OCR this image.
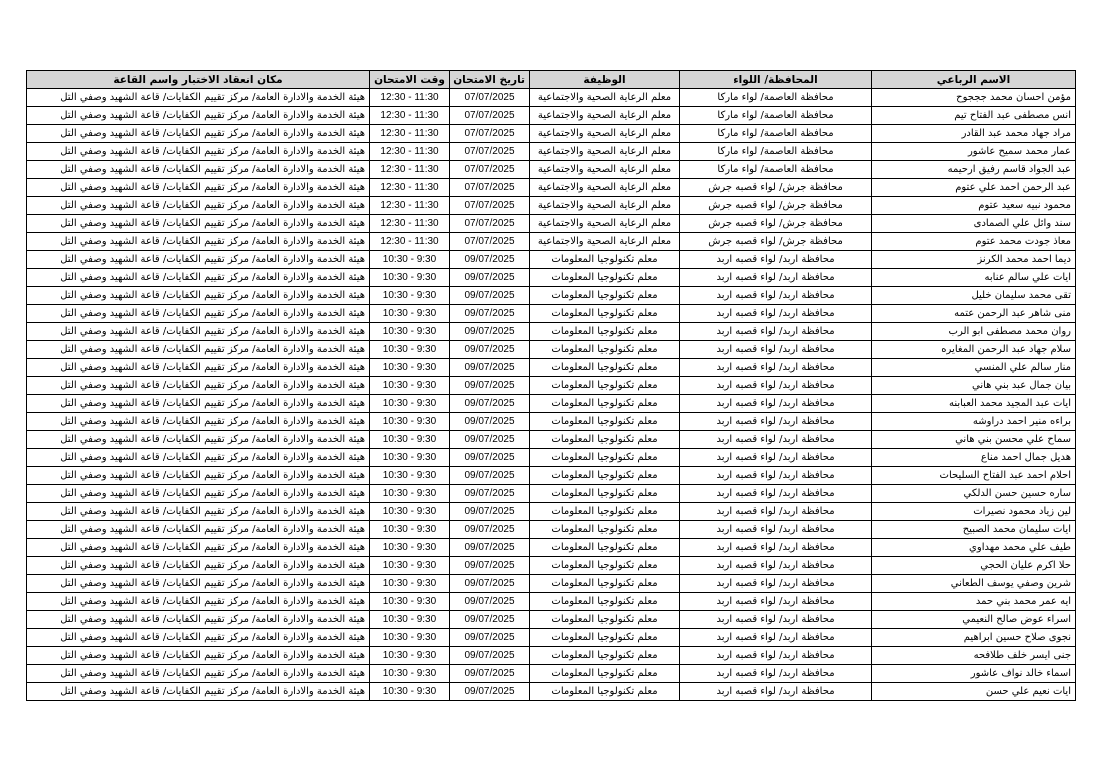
الاسم الرباعي	المحافظة/ اللواء	الوظيفة	تاريخ الامتحان	وقت الامتحان	مكان انعقاد الاختبار واسم القاعة
مؤمن احسان محمد جججوح	محافظة العاصمة/ لواء ماركا	معلم الرعاية الصحية والاجتماعية	07/07/2025	11:30 - 12:30	هيئة الخدمة والادارة العامة/ مركز تقييم الكفايات/ قاعة الشهيد وصفي التل
انس مصطفى عبد الفتاح تيم	محافظة العاصمة/ لواء ماركا	معلم الرعاية الصحية والاجتماعية	07/07/2025	11:30 - 12:30	هيئة الخدمة والادارة العامة/ مركز تقييم الكفايات/ قاعة الشهيد وصفي التل
مراد جهاد محمد عبد القادر	محافظة العاصمة/ لواء ماركا	معلم الرعاية الصحية والاجتماعية	07/07/2025	11:30 - 12:30	هيئة الخدمة والادارة العامة/ مركز تقييم الكفايات/ قاعة الشهيد وصفي التل
عمار محمد سميح عاشور	محافظة العاصمة/ لواء ماركا	معلم الرعاية الصحية والاجتماعية	07/07/2025	11:30 - 12:30	هيئة الخدمة والادارة العامة/ مركز تقييم الكفايات/ قاعة الشهيد وصفي التل
عبد الجواد قاسم رفيق ارحيمه	محافظة العاصمة/ لواء ماركا	معلم الرعاية الصحية والاجتماعية	07/07/2025	11:30 - 12:30	هيئة الخدمة والادارة العامة/ مركز تقييم الكفايات/ قاعة الشهيد وصفي التل
عبد الرحمن احمد علي عتوم	محافظة جرش/ لواء قصبه جرش	معلم الرعاية الصحية والاجتماعية	07/07/2025	11:30 - 12:30	هيئة الخدمة والادارة العامة/ مركز تقييم الكفايات/ قاعة الشهيد وصفي التل
محمود نبيه سعيد عتوم	محافظة جرش/ لواء قصبه جرش	معلم الرعاية الصحية والاجتماعية	07/07/2025	11:30 - 12:30	هيئة الخدمة والادارة العامة/ مركز تقييم الكفايات/ قاعة الشهيد وصفي التل
سند وائل علي الصمادى	محافظة جرش/ لواء قصبه جرش	معلم الرعاية الصحية والاجتماعية	07/07/2025	11:30 - 12:30	هيئة الخدمة والادارة العامة/ مركز تقييم الكفايات/ قاعة الشهيد وصفي التل
معاذ جودت محمد عتوم	محافظة جرش/ لواء قصبه جرش	معلم الرعاية الصحية والاجتماعية	07/07/2025	11:30 - 12:30	هيئة الخدمة والادارة العامة/ مركز تقييم الكفايات/ قاعة الشهيد وصفي التل
ديما احمد محمد الكرنز	محافظة اربد/ لواء قصبه اربد	معلم تكنولوجيا المعلومات	09/07/2025	9:30 - 10:30	هيئة الخدمة والادارة العامة/ مركز تقييم الكفايات/ قاعة الشهيد وصفي التل
ايات علي سالم عنابه	محافظة اربد/ لواء قصبه اربد	معلم تكنولوجيا المعلومات	09/07/2025	9:30 - 10:30	هيئة الخدمة والادارة العامة/ مركز تقييم الكفايات/ قاعة الشهيد وصفي التل
تقى محمد سليمان خليل	محافظة اربد/ لواء قصبه اربد	معلم تكنولوجيا المعلومات	09/07/2025	9:30 - 10:30	هيئة الخدمة والادارة العامة/ مركز تقييم الكفايات/ قاعة الشهيد وصفي التل
منى شاهر عبد الرحمن عتمه	محافظة اربد/ لواء قصبه اربد	معلم تكنولوجيا المعلومات	09/07/2025	9:30 - 10:30	هيئة الخدمة والادارة العامة/ مركز تقييم الكفايات/ قاعة الشهيد وصفي التل
روان محمد مصطفى ابو الرب	محافظة اربد/ لواء قصبه اربد	معلم تكنولوجيا المعلومات	09/07/2025	9:30 - 10:30	هيئة الخدمة والادارة العامة/ مركز تقييم الكفايات/ قاعة الشهيد وصفي التل
سلام جهاد عبد الرحمن المغايره	محافظة اربد/ لواء قصبه اربد	معلم تكنولوجيا المعلومات	09/07/2025	9:30 - 10:30	هيئة الخدمة والادارة العامة/ مركز تقييم الكفايات/ قاعة الشهيد وصفي التل
منار سالم علي المنسي	محافظة اربد/ لواء قصبه اربد	معلم تكنولوجيا المعلومات	09/07/2025	9:30 - 10:30	هيئة الخدمة والادارة العامة/ مركز تقييم الكفايات/ قاعة الشهيد وصفي التل
بيان جمال عبد بني هاني	محافظة اربد/ لواء قصبه اربد	معلم تكنولوجيا المعلومات	09/07/2025	9:30 - 10:30	هيئة الخدمة والادارة العامة/ مركز تقييم الكفايات/ قاعة الشهيد وصفي التل
ايات عبد المجيد محمد العبابنه	محافظة اربد/ لواء قصبه اربد	معلم تكنولوجيا المعلومات	09/07/2025	9:30 - 10:30	هيئة الخدمة والادارة العامة/ مركز تقييم الكفايات/ قاعة الشهيد وصفي التل
براءه منير احمد دراوشه	محافظة اربد/ لواء قصبه اربد	معلم تكنولوجيا المعلومات	09/07/2025	9:30 - 10:30	هيئة الخدمة والادارة العامة/ مركز تقييم الكفايات/ قاعة الشهيد وصفي التل
سماح علي محسن بني هاني	محافظة اربد/ لواء قصبه اربد	معلم تكنولوجيا المعلومات	09/07/2025	9:30 - 10:30	هيئة الخدمة والادارة العامة/ مركز تقييم الكفايات/ قاعة الشهيد وصفي التل
هديل جمال احمد مناع	محافظة اربد/ لواء قصبه اربد	معلم تكنولوجيا المعلومات	09/07/2025	9:30 - 10:30	هيئة الخدمة والادارة العامة/ مركز تقييم الكفايات/ قاعة الشهيد وصفي التل
احلام احمد عبد الفتاح السليحات	محافظة اربد/ لواء قصبه اربد	معلم تكنولوجيا المعلومات	09/07/2025	9:30 - 10:30	هيئة الخدمة والادارة العامة/ مركز تقييم الكفايات/ قاعة الشهيد وصفي التل
ساره حسين حسن الدلكي	محافظة اربد/ لواء قصبه اربد	معلم تكنولوجيا المعلومات	09/07/2025	9:30 - 10:30	هيئة الخدمة والادارة العامة/ مركز تقييم الكفايات/ قاعة الشهيد وصفي التل
لين زياد محمود نصيرات	محافظة اربد/ لواء قصبه اربد	معلم تكنولوجيا المعلومات	09/07/2025	9:30 - 10:30	هيئة الخدمة والادارة العامة/ مركز تقييم الكفايات/ قاعة الشهيد وصفي التل
ايات سليمان محمد الصبيح	محافظة اربد/ لواء قصبه اربد	معلم تكنولوجيا المعلومات	09/07/2025	9:30 - 10:30	هيئة الخدمة والادارة العامة/ مركز تقييم الكفايات/ قاعة الشهيد وصفي التل
طيف علي محمد مهداوي	محافظة اربد/ لواء قصبه اربد	معلم تكنولوجيا المعلومات	09/07/2025	9:30 - 10:30	هيئة الخدمة والادارة العامة/ مركز تقييم الكفايات/ قاعة الشهيد وصفي التل
حلا اكرم عليان الحجي	محافظة اربد/ لواء قصبه اربد	معلم تكنولوجيا المعلومات	09/07/2025	9:30 - 10:30	هيئة الخدمة والادارة العامة/ مركز تقييم الكفايات/ قاعة الشهيد وصفي التل
شرين وصفي يوسف الطعاني	محافظة اربد/ لواء قصبه اربد	معلم تكنولوجيا المعلومات	09/07/2025	9:30 - 10:30	هيئة الخدمة والادارة العامة/ مركز تقييم الكفايات/ قاعة الشهيد وصفي التل
ايه عمر محمد بني حمد	محافظة اربد/ لواء قصبه اربد	معلم تكنولوجيا المعلومات	09/07/2025	9:30 - 10:30	هيئة الخدمة والادارة العامة/ مركز تقييم الكفايات/ قاعة الشهيد وصفي التل
اسراء عوض صالح النعيمي	محافظة اربد/ لواء قصبه اربد	معلم تكنولوجيا المعلومات	09/07/2025	9:30 - 10:30	هيئة الخدمة والادارة العامة/ مركز تقييم الكفايات/ قاعة الشهيد وصفي التل
نجوى صلاح حسين ابراهيم	محافظة اربد/ لواء قصبه اربد	معلم تكنولوجيا المعلومات	09/07/2025	9:30 - 10:30	هيئة الخدمة والادارة العامة/ مركز تقييم الكفايات/ قاعة الشهيد وصفي التل
جنى ايسر خلف طلافحه	محافظة اربد/ لواء قصبه اربد	معلم تكنولوجيا المعلومات	09/07/2025	9:30 - 10:30	هيئة الخدمة والادارة العامة/ مركز تقييم الكفايات/ قاعة الشهيد وصفي التل
اسماء خالد نواف عاشور	محافظة اربد/ لواء قصبه اربد	معلم تكنولوجيا المعلومات	09/07/2025	9:30 - 10:30	هيئة الخدمة والادارة العامة/ مركز تقييم الكفايات/ قاعة الشهيد وصفي التل
ايات نعيم علي حسن	محافظة اربد/ لواء قصبه اربد	معلم تكنولوجيا المعلومات	09/07/2025	9:30 - 10:30	هيئة الخدمة والادارة العامة/ مركز تقييم الكفايات/ قاعة الشهيد وصفي التل
